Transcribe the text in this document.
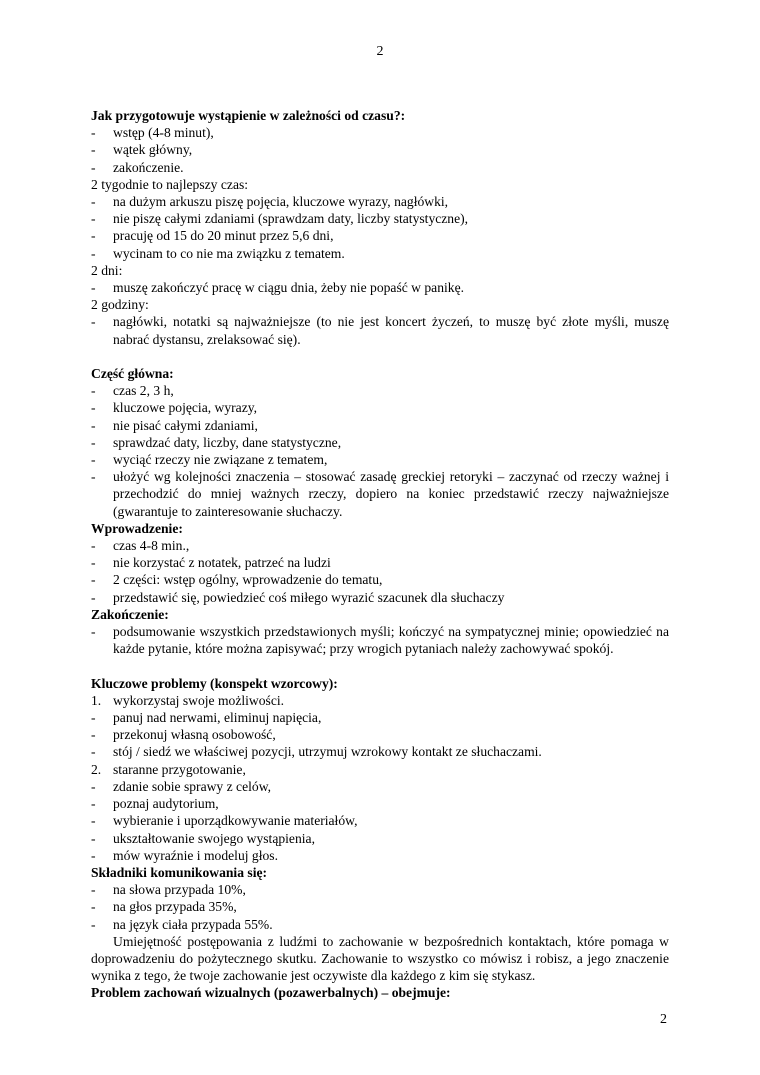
2
Jak przygotowuje wystąpienie w zależności od czasu?:
- wstęp (4-8 minut),
- wątek główny,
- zakończenie.
2 tygodnie to najlepszy czas:
- na dużym arkuszu piszę pojęcia, kluczowe wyrazy, nagłówki,
- nie piszę całymi zdaniami (sprawdzam daty, liczby statystyczne),
- pracuję od 15 do 20 minut przez 5,6 dni,
- wycinam to co nie ma związku z tematem.
2 dni:
- muszę zakończyć pracę w ciągu dnia, żeby nie popaść w panikę.
2 godziny:
- nagłówki, notatki są najważniejsze (to nie jest koncert życzeń, to muszę być złote myśli, muszę nabrać dystansu, zrelaksować się).
Część główna:
- czas 2, 3 h,
- kluczowe pojęcia, wyrazy,
- nie pisać całymi zdaniami,
- sprawdzać daty, liczby, dane statystyczne,
- wyciąć rzeczy nie związane z tematem,
- ułożyć wg kolejności znaczenia – stosować zasadę greckiej retoryki – zaczynać od rzeczy ważnej i przechodzić do mniej ważnych rzeczy, dopiero na koniec przedstawić rzeczy najważniejsze (gwarantuje to zainteresowanie słuchaczy.
Wprowadzenie:
- czas 4-8 min.,
- nie korzystać z notatek, patrzeć na ludzi
- 2 części: wstęp ogólny, wprowadzenie do tematu,
- przedstawić się, powiedzieć coś miłego wyrazić szacunek dla słuchaczy
Zakończenie:
- podsumowanie wszystkich przedstawionych myśli; kończyć na sympatycznej minie; opowiedzieć na każde pytanie, które można zapisywać; przy wrogich pytaniach należy zachowywać spokój.
Kluczowe problemy (konspekt wzorcowy):
1. wykorzystaj swoje możliwości.
- panuj nad nerwami, eliminuj napięcia,
- przekonuj własną osobowość,
- stój / siedź we właściwej pozycji, utrzymuj wzrokowy kontakt ze słuchaczami.
2. staranne przygotowanie,
- zdanie sobie sprawy z celów,
- poznaj audytorium,
- wybieranie i uporządkowywanie materiałów,
- ukształtowanie swojego wystąpienia,
- mów wyraźnie i modeluj głos.
Składniki komunikowania się:
- na słowa przypada 10%,
- na głos przypada 35%,
- na język ciała przypada 55%.
Umiejętność postępowania z ludźmi to zachowanie w bezpośrednich kontaktach, które pomaga w doprowadzeniu do pożytecznego skutku. Zachowanie to wszystko co mówisz i robisz, a jego znaczenie wynika z tego, że twoje zachowanie jest oczywiste dla każdego z kim się stykasz.
Problem zachowań wizualnych (pozawerbalnych) – obejmuje:
2
